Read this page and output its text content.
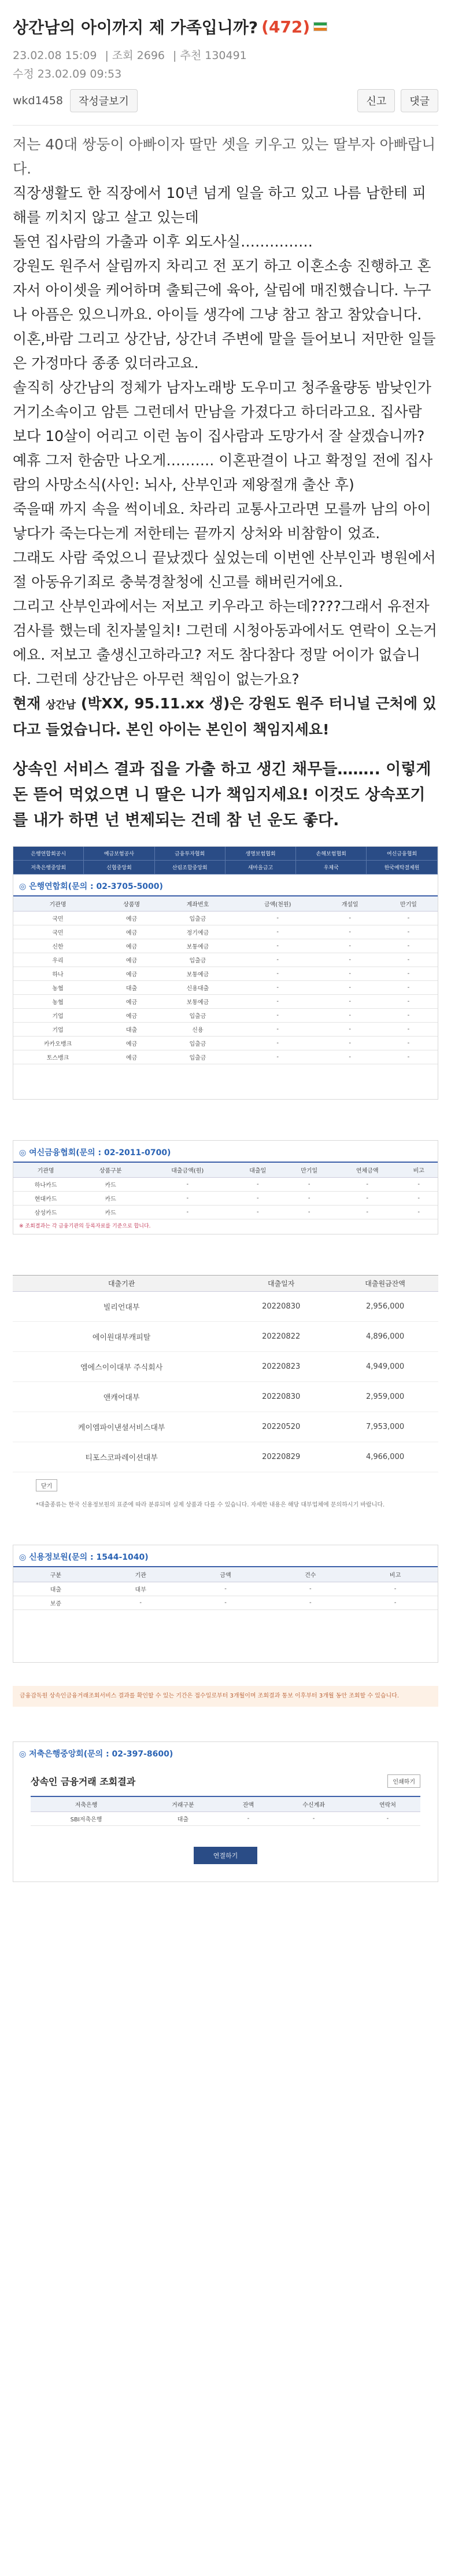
상간남의 아이까지 제 가족입니까? (472)
23.02.08 15:09 | 조회 2696 | 추천 130491
수정 23.02.09 09:53
wkd1458	작성글보기	신고	댓글

저는 40대 쌍둥이 아빠이자 딸만 셋을 키우고 있는 딸부자 아빠랍니다.

직장생활도 한 직장에서 10년 넘게 일을 하고 있고 나름 남한테 피해를 끼치지 않고 살고 있는데

돌연 집사람의 가출과 이후 외도사실……………

강원도 원주서 살림까지 차리고 전 포기 하고 이혼소송 진행하고 혼자서 아이셋을 케어하며 출퇴근에 육아, 살림에 매진했습니다. 누구나 아픔은 있으니까요. 아이들 생각에 그냥 참고 참고 참았습니다.

이혼,바람 그리고 상간남, 상간녀 주변에 말을 들어보니 저만한 일들은 가정마다 종종 있더라고요.

솔직히 상간남의 정체가 남자노래방 도우미고 청주율량동 밤낮인가 거기소속이고 암튼 그런데서 만남을 가졌다고 하더라고요. 집사람 보다 10살이 어리고 이런 놈이 집사람과 도망가서 잘 살겠습니까?

예휴 그저 한숨만 나오게………. 이혼판결이 나고 확정일 전에 집사람의 사망소식(사인: 뇌사, 산부인과 제왕절개 출산 후)

죽을때 까지 속을 썩이네요. 차라리 교통사고라면 모를까 남의 아이 낳다가 죽는다는게 저한테는 끝까지 상처와 비참함이 었죠.

그래도 사람 죽었으니 끝났겠다 싶었는데 이번엔 산부인과 병원에서 절 아동유기죄로 충북경찰청에 신고를 해버린거에요.

그리고 산부인과에서는 저보고 키우라고 하는데????그래서 유전자 검사를 했는데 친자불일치! 그런데 시청아동과에서도 연락이 오는거에요. 저보고 출생신고하라고? 저도 참다참다 정말 어이가 없습니다. 그런데 상간남은 아무런 책임이 없는가요?

현재 상간남 (박XX, 95.11.xx 생)은 강원도 원주 터니널 근처에 있다고 들었습니다. 본인 아이는 본인이 책임지세요!

상속인 서비스 결과 집을 가출 하고 생긴 채무들…….. 이렇게 돈 뜯어 먹었으면 니 딸은 니가 책임지세요! 이것도 상속포기를 내가 하면 넌 변제되는 건데 참 넌 운도 좋다.

은행연합회공시	예금보험공사	금융투자협회	생명보험협회	손해보험협회	여신금융협회
저축은행중앙회	신협중앙회	산림조합중앙회	새마을금고	우체국	한국예탁결제원
◎ 은행연합회(문의 : 02-3705-5000)
기관명	상품명	계좌번호	금액(천원)	개설일	만기일
국민	예금	입출금	-	-	-
국민	예금	정기예금	-	-	-
신한	예금	보통예금	-	-	-
우리	예금	입출금	-	-	-
하나	예금	보통예금	-	-	-
농협	대출	신용대출	-	-	-
농협	예금	보통예금	-	-	-
기업	예금	입출금	-	-	-
기업	대출	신용	-	-	-
카카오뱅크	예금	입출금	-	-	-
토스뱅크	예금	입출금	-	-	-
◎ 여신금융협회(문의 : 02-2011-0700)
기관명	상품구분	대출금액(원)	대출일	만기일	연체금액	비고
하나카드	카드	-	-	-	-	-
현대카드	카드	-	-	-	-	-
삼성카드	카드	-	-	-	-	-
※ 조회결과는 각 금융기관의 등록자료를 기준으로 합니다.
대출기관	대출일자	대출원금잔액
빌리언대부	20220830	2,956,000
에이원대부캐피탈	20220822	4,896,000
엠에스이이대부 주식회사	20220823	4,949,000
앤캐어대부	20220830	2,959,000
케이엠파이낸셜서비스대부	20220520	7,953,000
티포스코파레이션대부	20220829	4,966,000
닫기
*대출종류는 한국 신용정보원의 표준에 따라 분류되며 실제 상품과 다를 수 있습니다. 자세한 내용은 해당 대부업체에 문의하시기 바랍니다.
◎ 신용정보원(문의 : 1544-1040)
구분	기관	금액	건수	비고
대출	대부	-	-	-
보증	-	-	-	-
금융감독원 상속인금융거래조회서비스 결과를 확인할 수 있는 기간은 접수일로부터 3개월이며 조회결과 통보 이후부터 3개월 동안 조회할 수 있습니다.
◎ 저축은행중앙회(문의 : 02-397-8600)
상속인 금융거래 조회결과	인쇄하기
저축은행	거래구분	잔액	수신계좌	연락처
SBI저축은행	대출	-	-	-
연결하기
